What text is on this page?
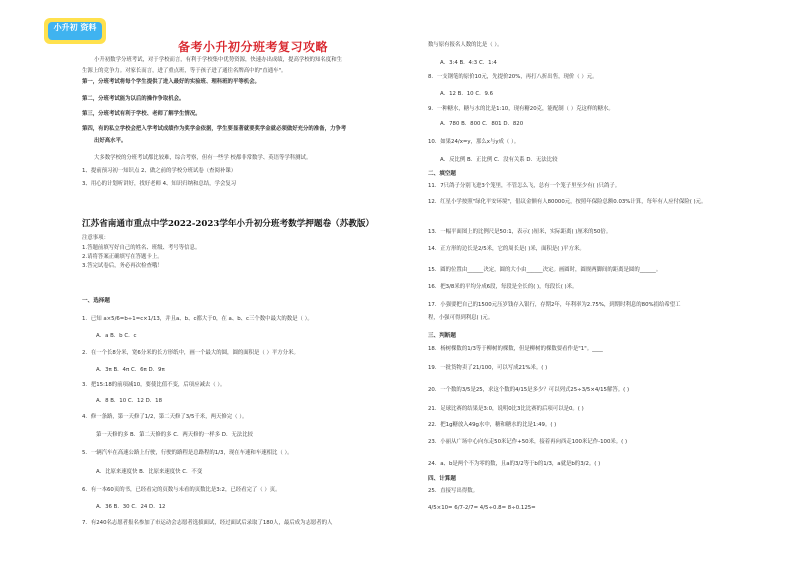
小升初 资料
备考小升初分班考复习攻略
小升初数学分班考试，对于学校而言，有利于学校集中优势资源，快速办出成绩，提高学校的知名度和生
生源上的竞争力。对家长而言，进了重点班，等于孩子进了通往名牌高中的"直通车"。
第一，分班考试将每个学生提供了进入最好的实验班、理科班的平等机会。
第二，分班考试能为以后的操作争取机会。
第三，分班考试有利于学校、老师了解学生情况。
第四，有的私立学校会把入学考试成绩作为奖学金依据，学生要显著就要奖学金就必须做好充分的准备，力争考
出好高水平。
大多数学校的分班考试都比较难，综合考察，但有一些学 校都非常数学、英语等学科测试。
1、提前预习初一知识点 2、做之前的学校分班试卷（查阅补课）
3、用心的计划听讲好，找好老师 4、知识归纳和总结，学会复习
江苏省南通市重点中学2022-2023学年小升初分班考数学押题卷（苏教版）
注意事项：
1.答题前填写好自己的姓名、班级、考号等信息。
2.请将答案正确填写在答题卡上。
3.答完试卷后，务必再次检查哦！
一、选择题
1．已知 a×5/6=b÷1=c×1/13，并且a、b、c都大于0，在 a、b、c三个数中最大的数是（ ）。
A．a B．b C．c
2．在一个长8分米，宽6分米的长方形纸中，画一个最大的圆，圆的面积是（ ）平方分米。
A．3π B．4π C．6π D．9π
3．把15:18的前项减10，要使比值不变，后项应减去（ ）。
A．8 B．10 C．12 D．18
4．修一条路，第一天修了1/2，第二天修了3/5千米，两天修完（ ）。
第一天修的多 B．第二天修的多 C．两天修的一样多 D．无法比较
5．一辆汽车在高速公路上行驶，行驶的路程是总路程的1/3，现在车速和车速相比（ ）。
A．比原来速度快 B．比原来速度快 C．不变
6．有一本60页的书，已经看完的页数与未看的页数比是3:2，已经看完了（ ）页。
A．36 B．30 C．24 D．12
7．有240名志愿者报名参加了市运动会志愿者选拔面试，经过面试后录取了180人，最后成为志愿者的人
数与原有报名人数的比是（ ）。
A．3:4 B．4:3 C．1:4
8．一支钢笔的原价10元，先提价20%，再打八折出售，现价（ ）元。
A．12 B．10 C．9.6
9．一种糖水，糖与水的比是1:10，现有糖20克，能配制（ ）克这样的糖水。
A．780 B．800 C．801 D．820
10．如果24/x=y，那么x与y成（ ）。
A．反比例 B．正比例 C．没有关系 D．无法比较
二、填空题
11．7只鸽子分别飞进3个笼里，不管怎么飞，总有一个笼子里至少有( )只鸽子。
12．红星小学按照"绿化平安环境"，倡议金额有人80000元，按照年保险总额0.03%计算，每年有人应付保险( )元。
13．一幅平面图上的比例尺是50:1，表示( )厘米，实际距离( )厘米的50倍。
14．正方形的边长是2/5米，它的周长是( )米，面积是( )平方米。
15．圆的位置由______决定，圆的大小由______决定。画圆时，圆规两脚间的距离是圆的______。
16．把3/8米的平均分成6段，每段是全长的( )，每段长( )米。
17．小强要把自己的1500元压岁钱存入银行，存期2年，年利率为2.75%，到期时利息的80%捐给希望工
程，小强可得到利息( )元。
三、判断题
18．杨树棵数的1/3等于柳树的棵数，但是柳树的棵数要看作是"1"。____
19．一批货物卖了21/100，可以写成21%米。( )
20．一个数的3/5是25，求这个数的4/15是多少？可以列式25÷3/5×4/15解答。( )
21．足球比赛的结果是3:0，说明0比3比比赛的后项可以是0。( )
22．把1g糖放入49g水中，糖和糖水的比是1:49。( )
23．小丽从广场中心向东走50米记作+50米，接着再向西走100米记作-100米。( )
24．a、b是两个不为零的数，且a的3/2等于b的1/3，a就是b的3/2。( )
四、计算题
25．直接写出得数。
4/5×10= 6/7-2/7= 4/5÷0.8= 8÷0.125=
